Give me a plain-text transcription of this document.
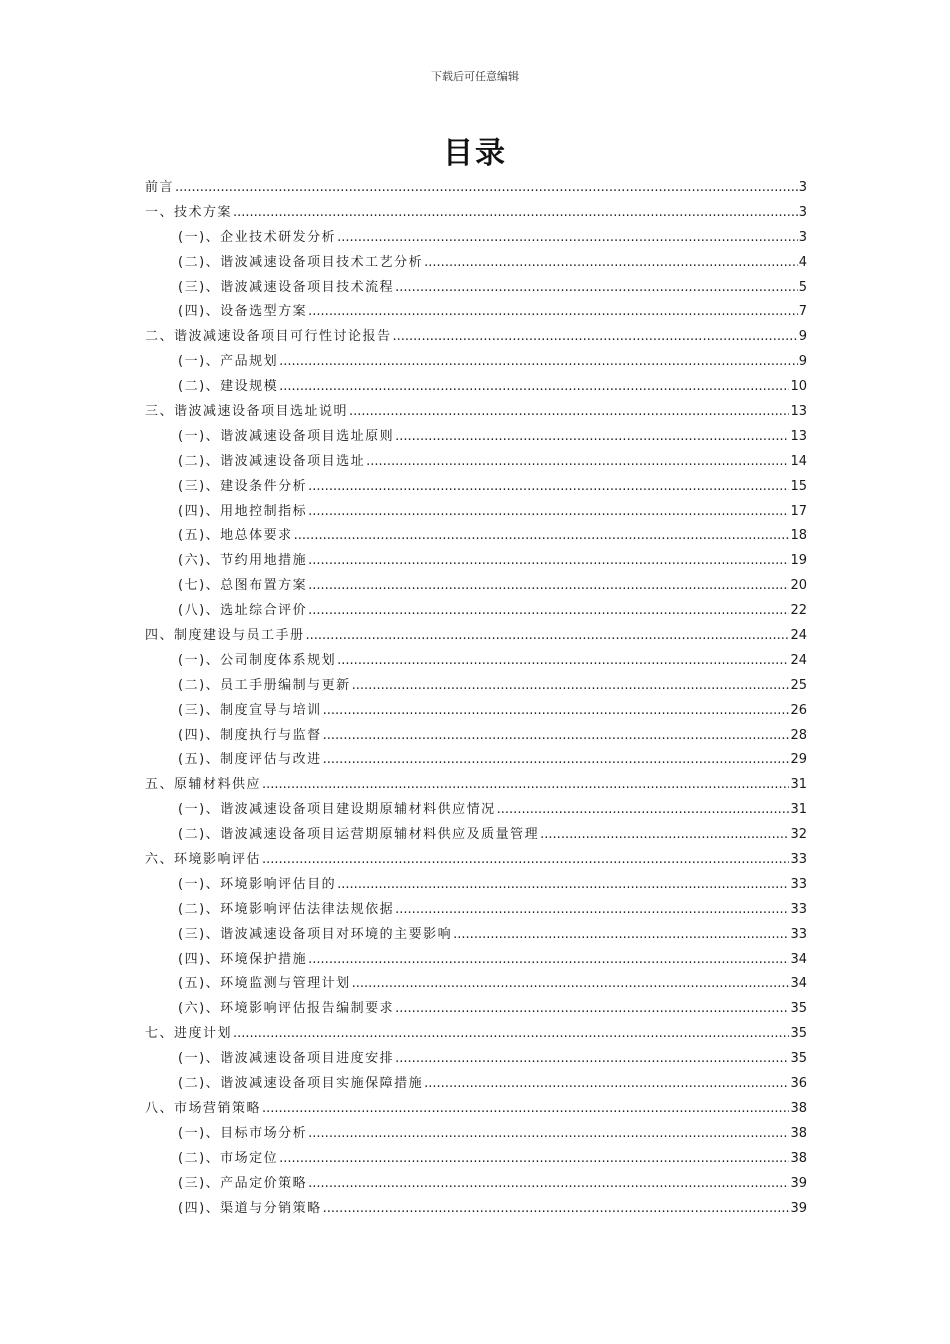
下载后可任意编辑
目录
前言 .....	3
一、技术方案 .....	3
(一)、企业技术研发分析 .....	3
(二)、谐波减速设备项目技术工艺分析 .....	4
(三)、谐波减速设备项目技术流程 .....	5
(四)、设备选型方案 .....	7
二、谐波减速设备项目可行性讨论报告 .....	9
(一)、产品规划 .....	9
(二)、建设规模 .....	10
三、谐波减速设备项目选址说明 .....	13
(一)、谐波减速设备项目选址原则 .....	13
(二)、谐波减速设备项目选址 .....	14
(三)、建设条件分析 .....	15
(四)、用地控制指标 .....	17
(五)、地总体要求 .....	18
(六)、节约用地措施 .....	19
(七)、总图布置方案 .....	20
(八)、选址综合评价 .....	22
四、制度建设与员工手册 .....	24
(一)、公司制度体系规划 .....	24
(二)、员工手册编制与更新 .....	25
(三)、制度宣导与培训 .....	26
(四)、制度执行与监督 .....	28
(五)、制度评估与改进 .....	29
五、原辅材料供应 .....	31
(一)、谐波减速设备项目建设期原辅材料供应情况 .....	31
(二)、谐波减速设备项目运营期原辅材料供应及质量管理 .....	32
六、环境影响评估 .....	33
(一)、环境影响评估目的 .....	33
(二)、环境影响评估法律法规依据 .....	33
(三)、谐波减速设备项目对环境的主要影响 .....	33
(四)、环境保护措施 .....	34
(五)、环境监测与管理计划 .....	34
(六)、环境影响评估报告编制要求 .....	35
七、进度计划 .....	35
(一)、谐波减速设备项目进度安排 .....	35
(二)、谐波减速设备项目实施保障措施 .....	36
八、市场营销策略 .....	38
(一)、目标市场分析 .....	38
(二)、市场定位 .....	38
(三)、产品定价策略 .....	39
(四)、渠道与分销策略 .....	39
